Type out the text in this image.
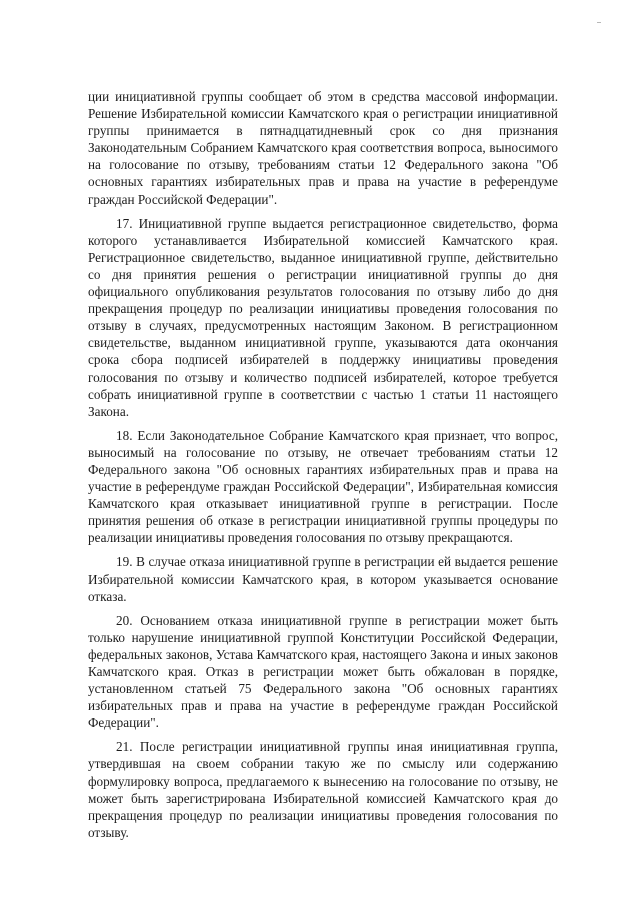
ции инициативной группы сообщает об этом в средства массовой информации. Решение Избирательной комиссии Камчатского края о регистрации инициативной группы принимается в пятнадцатидневный срок со дня признания Законодательным Собранием Камчатского края соответствия вопроса, выносимого на голосование по отзыву, требованиям статьи 12 Федерального закона "Об основных гарантиях избирательных прав и права на участие в референдуме граждан Российской Федерации".

17. Инициативной группе выдается регистрационное свидетельство, форма которого устанавливается Избирательной комиссией Камчатского края. Регистрационное свидетельство, выданное инициативной группе, действительно со дня принятия решения о регистрации инициативной группы до дня официального опубликования результатов голосования по отзыву либо до дня прекращения процедур по реализации инициативы проведения голосования по отзыву в случаях, предусмотренных настоящим Законом. В регистрационном свидетельстве, выданном инициативной группе, указываются дата окончания срока сбора подписей избирателей в поддержку инициативы проведения голосования по отзыву и количество подписей избирателей, которое требуется собрать инициативной группе в соответствии с частью 1 статьи 11 настоящего Закона.

18. Если Законодательное Собрание Камчатского края признает, что вопрос, выносимый на голосование по отзыву, не отвечает требованиям статьи 12 Федерального закона "Об основных гарантиях избирательных прав и права на участие в референдуме граждан Российской Федерации", Избирательная комиссия Камчатского края отказывает инициативной группе в регистрации. После принятия решения об отказе в регистрации инициативной группы процедуры по реализации инициативы проведения голосования по отзыву прекращаются.

19. В случае отказа инициативной группе в регистрации ей выдается решение Избирательной комиссии Камчатского края, в котором указывается основание отказа.

20. Основанием отказа инициативной группе в регистрации может быть только нарушение инициативной группой Конституции Российской Федерации, федеральных законов, Устава Камчатского края, настоящего Закона и иных законов Камчатского края. Отказ в регистрации может быть обжалован в порядке, установленном статьей 75 Федерального закона "Об основных гарантиях избирательных прав и права на участие в референдуме граждан Российской Федерации".

21. После регистрации инициативной группы иная инициативная группа, утвердившая на своем собрании такую же по смыслу или содержанию формулировку вопроса, предлагаемого к вынесению на голосование по отзыву, не может быть зарегистрирована Избирательной комиссией Камчатского края до прекращения процедур по реализации инициативы проведения голосования по отзыву.
